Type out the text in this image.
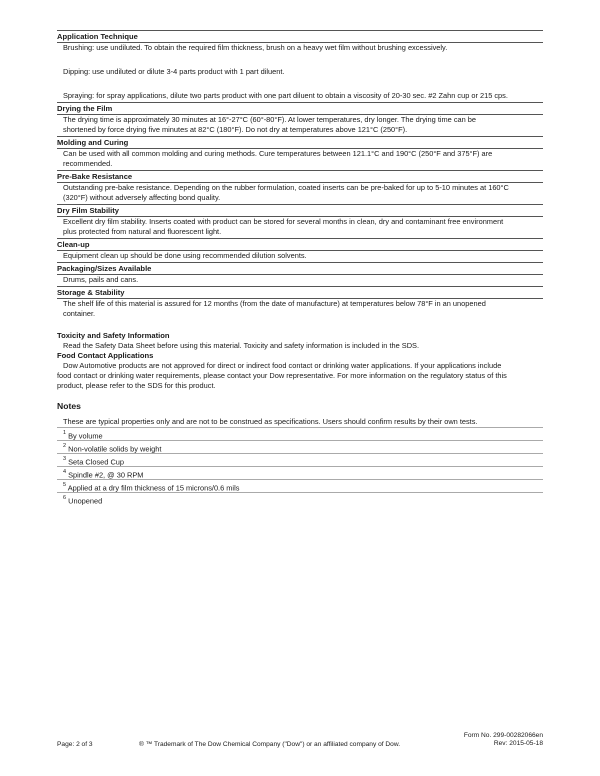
Application Technique

Brushing: use undiluted. To obtain the required film thickness, brush on a heavy wet film without brushing excessively.

Dipping: use undiluted or dilute 3-4 parts product with 1 part diluent.

Spraying: for spray applications, dilute two parts product with one part diluent to obtain a viscosity of 20-30 sec. #2 Zahn cup or 215 cps.

Drying the Film

The drying time is approximately 30 minutes at 16°-27°C (60°-80°F). At lower temperatures, dry longer. The drying time can be

shortened by force drying five minutes at 82°C (180°F). Do not dry at temperatures above 121°C (250°F).

Molding and Curing

Can be used with all common molding and curing methods. Cure temperatures between 121.1°C and 190°C (250°F and 375°F) are

recommended.

Pre-Bake Resistance

Outstanding pre-bake resistance. Depending on the rubber formulation, coated inserts can be pre-baked for up to 5-10 minutes at 160°C

(320°F) without adversely affecting bond quality.

Dry Film Stability

Excellent dry film stability. Inserts coated with product can be stored for several months in clean, dry and contaminant free environment

plus protected from natural and fluorescent light.

Clean-up

Equipment clean up should be done using recommended dilution solvents.

Packaging/Sizes Available

Drums, pails and cans.

Storage & Stability

The shelf life of this material is assured for 12 months (from the date of manufacture) at temperatures below 78°F in an unopened

container.

Toxicity and Safety Information

Read the Safety Data Sheet before using this material. Toxicity and safety information is included in the SDS.

Food Contact Applications

Dow Automotive products are not approved for direct or indirect food contact or drinking water applications. If your applications include

food contact or drinking water requirements, please contact your Dow representative. For more information on the regulatory status of this

product, please refer to the SDS for this product.

Notes

These are typical properties only and are not to be construed as specifications. Users should confirm results by their own tests.
$^1$ By volume
$^2$ Non-volatile solids by weight
$^3$ Seta Closed Cup
$^4$ Spindle #2, @ 30 RPM
$^5$ Applied at a dry film thickness of 15 microns/0.6 mils
$^6$ Unopened
Page: 2 of 3	® ™ Trademark of The Dow Chemical Company ("Dow") or an affiliated company of Dow.
Form No. 299-00282066en
Rev: 2015-05-18
